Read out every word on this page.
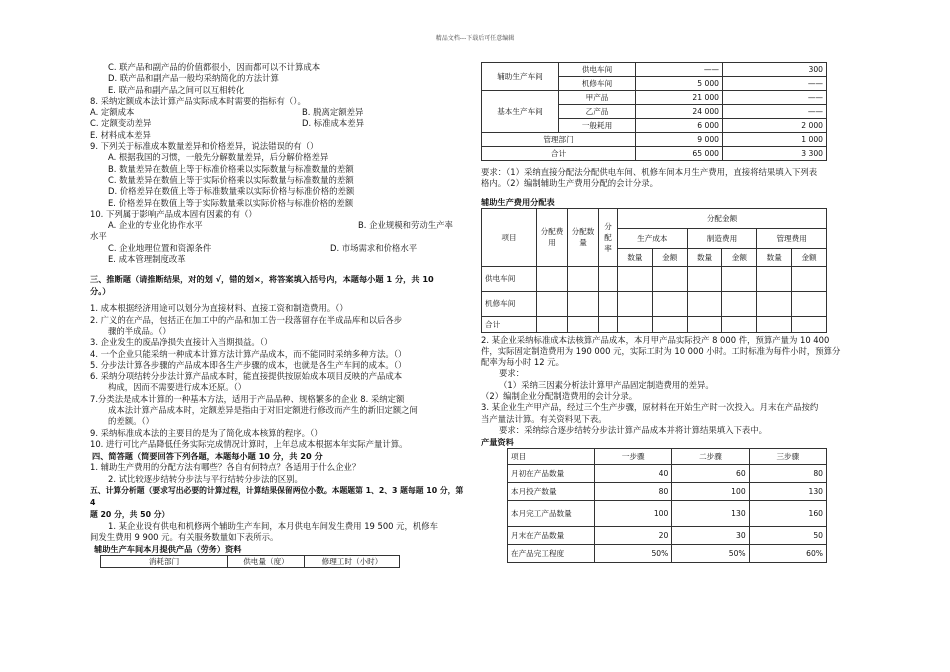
精品文档---下载后可任意编辑
C. 联产品和副产品的价值都很小，因而都可以不计算成本
D. 联产品和副产品一般均采纳简化的方法计算
E. 联产品和副产品之间可以互相转化
8. 采纳定额成本法计算产品实际成本时需要的指标有（）。
A. 定额成本	B. 脱离定额差异
C. 定额变动差异	D. 标准成本差异
E. 材料成本差异
9. 下列关于标准成本数量差异和价格差异，说法错误的有（）
A. 根据我国的习惯，一般先分解数量差异，后分解价格差异
B. 数量差异在数值上等于标准价格乘以实际数量与标准数量的差额
C. 数量差异在数值上等于实际价格乘以实际数量与标准数量的差额
D. 价格差异在数值上等于标准数量乘以实际价格与标准价格的差额
E. 价格差异在数值上等于实际数量乘以实际价格与标准价格的差额
10. 下列属于影响产品成本固有因素的有（）
A. 企业的专业化协作水平	B. 企业规模和劳动生产率
水平
C. 企业地理位置和资源条件	D. 市场需求和价格水平
E. 成本管理制度改革
三、推断题（请推断结果，对的划 √，错的划×，将答案填入括号内，本题每小题 1 分，共 10
分。）
1. 成本根据经济用途可以划分为直接材料、直接工资和制造费用。（）
2. 广义的在产品，包括正在加工中的产品和加工告一段落留存在半成品库和以后各步
骤的半成品。（）
3. 企业发生的废品净损失直接计入当期损益。（）
4. 一个企业只能采纳一种成本计算方法计算产品成本，而不能同时采纳多种方法。（）
5. 分步法计算各步骤的产品成本即各生产步骤的成本，也就是各生产车间的成本。（）
6. 采纳分项结转分步法计算产品成本时，能直接提供按原始成本项目反映的产品成本
构成，因而不需要进行成本还原。（）
7.分类法是成本计算的一种基本方法，适用于产品品种、规格繁多的企业 8. 采纳定额
成本法计算产品成本时，定额差异是指由于对旧定额进行修改而产生的新旧定额之间
的差额。（）
9. 采纳标准成本法的主要目的是为了简化成本核算的程序。（）
10. 进行可比产品降低任务实际完成情况计算时，上年总成本根据本年实际产量计算。
四、简答题（简要回答下列各题，本题每小题 10 分，共 20 分
1. 辅助生产费用的分配方法有哪些？各自有何特点？各适用于什么企业？
2. 试比较逐步结转分步法与平行结转分步法的区别。
五、计算分析题（要求写出必要的计算过程，计算结果保留两位小数。本题题第 1、2、3 题每题 10 分，第 4
题 20 分，共 50 分）
1. 某企业设有供电和机修两个辅助生产车间，本月供电车间发生费用 19 500 元，机修车
间发生费用 9 900 元。有关服务数量如下表所示。
辅助生产车间本月提供产品（劳务）资料
消耗部门	供电量（度）	修理工时（小时）
辅助生产车间	供电车间	——	300
	机修车间	5 000	——
基本生产车间	甲产品	21 000	——
	乙产品	24 000	——
	一般耗用	6 000	2 000
管理部门		9 000	1 000
合计		65 000	3 300
要求：（1）采纳直接分配法分配供电车间、机修车间本月生产费用，直接将结果填入下列表
格内。（2）编制辅助生产费用分配的会计分录。
辅助生产费用分配表
项目	分配费用	分配数量	分配率	分配金额					
				生产成本		制造费用		管理费用	
				数量	金额	数量	金额	数量	金额
供电车间									
机修车间									
合计									
2. 某企业采纳标准成本法核算产品成本，本月甲产品实际投产 8 000 件，预算产量为 10 400
件，实际固定制造费用为 190 000 元，实际工时为 10 000 小时。工时标准为每件小时，预算分
配率为每小时 12 元。
要求：
（1）采纳三因素分析法计算甲产品固定制造费用的差异。
（2）编制企业分配制造费用的会计分录。
3. 某企业生产甲产品，经过三个生产步骤，原材料在开始生产时一次投入。月末在产品按约
当产量法计算。有关资料见下表。
要求：采纳综合逐步结转分步法计算产品成本并将计算结果填入下表中。
产量资料
项目	一步骤	二步骤	三步骤
月初在产品数量	40	60	80
本月投产数量	80	100	130
本月完工产品数量	100	130	160
月末在产品数量	20	30	50
在产品完工程度	50%	50%	60%
